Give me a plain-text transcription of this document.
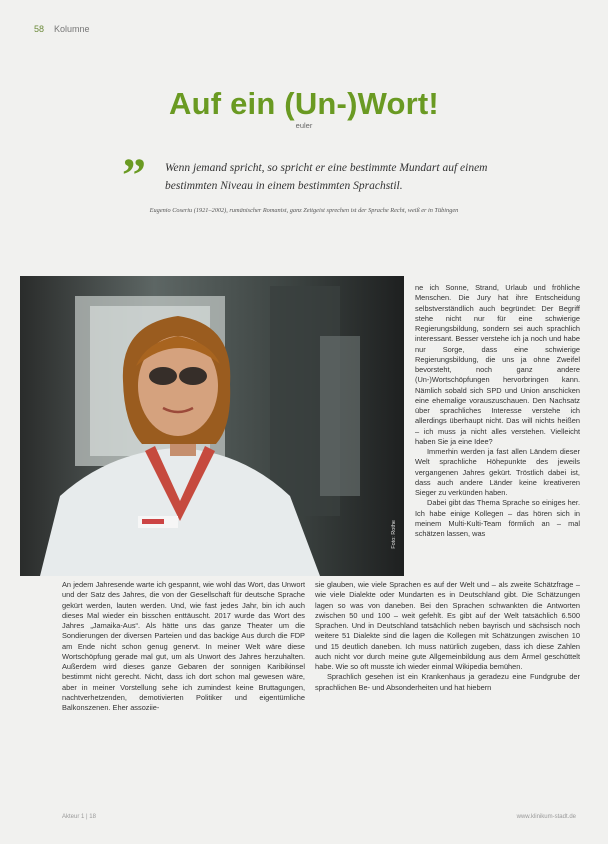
58 Kolumne
Auf ein (Un-)Wort!
euler
” Wenn jemand spricht, so spricht er eine bestimmte Mundart auf einem bestimmten Niveau in einem bestimmten Sprachstil.
Eugenio Coseriu (1921–2002), rumänischer Romanist, ganz Zeitgeist sprechen ist der Sprache Recht, weiß er in Tübingen
Foto: Rothe

ne ich Sonne, Strand, Urlaub und fröhliche Menschen. Die Jury hat ihre Entscheidung selbstverständlich auch begründet: Der Begriff stehe nicht nur für eine schwierige Regierungsbildung, sondern sei auch sprachlich interessant. Besser verstehe ich ja noch und habe nur Sorge, dass eine schwierige Regierungsbildung, die uns ja ohne Zweifel bevorsteht, noch ganz andere (Un-)Wortschöpfungen hervorbringen kann. Nämlich sobald sich SPD und Union anschicken eine ehemalige vorauszuschauen. Den Nachsatz über sprachliches Interesse verstehe ich allerdings überhaupt nicht. Das will nichts heißen – ich muss ja nicht alles verstehen. Vielleicht haben Sie ja eine Idee?

Immerhin werden ja fast allen Ländern dieser Welt sprachliche Höhepunkte des jeweils vergangenen Jahres gekürt. Tröstlich dabei ist, dass auch andere Länder keine kreativeren Sieger zu verkünden haben.

Dabei gibt das Thema Sprache so einiges her. Ich habe einige Kollegen – das hören sich in meinem Multi-Kulti-Team förmlich an – mal schätzen lassen, was

An jedem Jahresende warte ich gespannt, wie wohl das Wort, das Unwort und der Satz des Jahres, die von der Gesellschaft für deutsche Sprache gekürt werden, lauten werden. Und, wie fast jedes Jahr, bin ich auch dieses Mal wieder ein bisschen enttäuscht. 2017 wurde das Wort des Jahres „Jamaika-Aus“. Als hätte uns das ganze Theater um die Sondierungen der diversen Parteien und das backige Aus durch die FDP am Ende nicht schon genug genervt. In meiner Welt wäre diese Wortschöpfung gerade mal gut, um als Unwort des Jahres herzuhalten. Außerdem wird dieses ganze Gebaren der sonnigen Karibikinsel bestimmt nicht gerecht. Nicht, dass ich dort schon mal gewesen wäre, aber in meiner Vorstellung sehe ich zumindest keine Bruttagungen, nachtverhetzenden, demotivierten Politiker und eigentümliche Balkonszenen. Eher assoziie-

sie glauben, wie viele Sprachen es auf der Welt und – als zweite Schätzfrage – wie viele Dialekte oder Mundarten es in Deutschland gibt. Die Schätzungen lagen so was von daneben. Bei den Sprachen schwankten die Antworten zwischen 50 und 100 – weit gefehlt. Es gibt auf der Welt tatsächlich 6.500 Sprachen. Und in Deutschland tatsächlich neben bayrisch und sächsisch noch weitere 51 Dialekte sind die lagen die Kollegen mit Schätzungen zwischen 10 und 15 deutlich daneben. Ich muss natürlich zugeben, dass ich diese Zahlen auch nicht vor durch meine gute Allgemeinbildung aus dem Ärmel geschüttelt habe. Wie so oft musste ich wieder einmal Wikipedia bemühen.

Sprachlich gesehen ist ein Krankenhaus ja geradezu eine Fundgrube der sprachlichen Be- und Absonderheiten und hat hiebern

Akteur 1 | 18	www.klinikum-stadt.de
